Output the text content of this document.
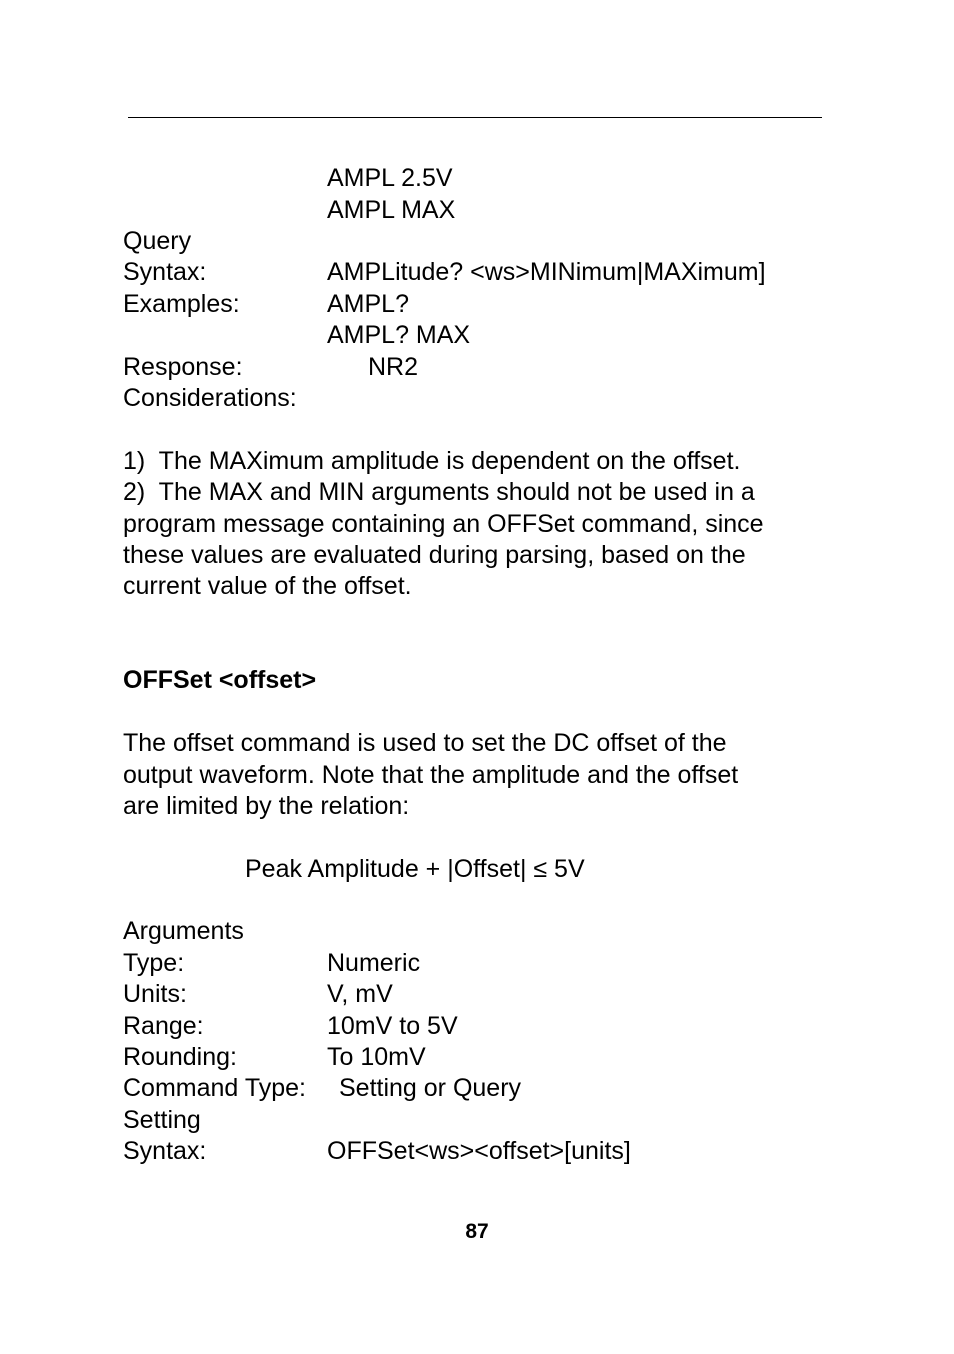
AMPL 2.5V
AMPL MAX
Query
Syntax:	AMPLitude? <ws>MINimum|MAXimum]
Examples:	AMPL?
AMPL? MAX
Response:	NR2
Considerations:
1)  The MAXimum amplitude is dependent on the offset.
2)  The MAX and MIN arguments should not be used in a
program message containing an OFFSet command, since
these values are evaluated during parsing, based on the
current value of the offset.
OFFSet <offset>
The offset command is used to set the DC offset of the
output waveform. Note that the amplitude and the offset
are limited by the relation:
Peak Amplitude + |Offset| ≤ 5V
Arguments
Type:	Numeric
Units:	V, mV
Range:	10mV to 5V
Rounding:	To 10mV
Command Type: Setting or Query
Setting
Syntax:	OFFSet<ws><offset>[units]
87
